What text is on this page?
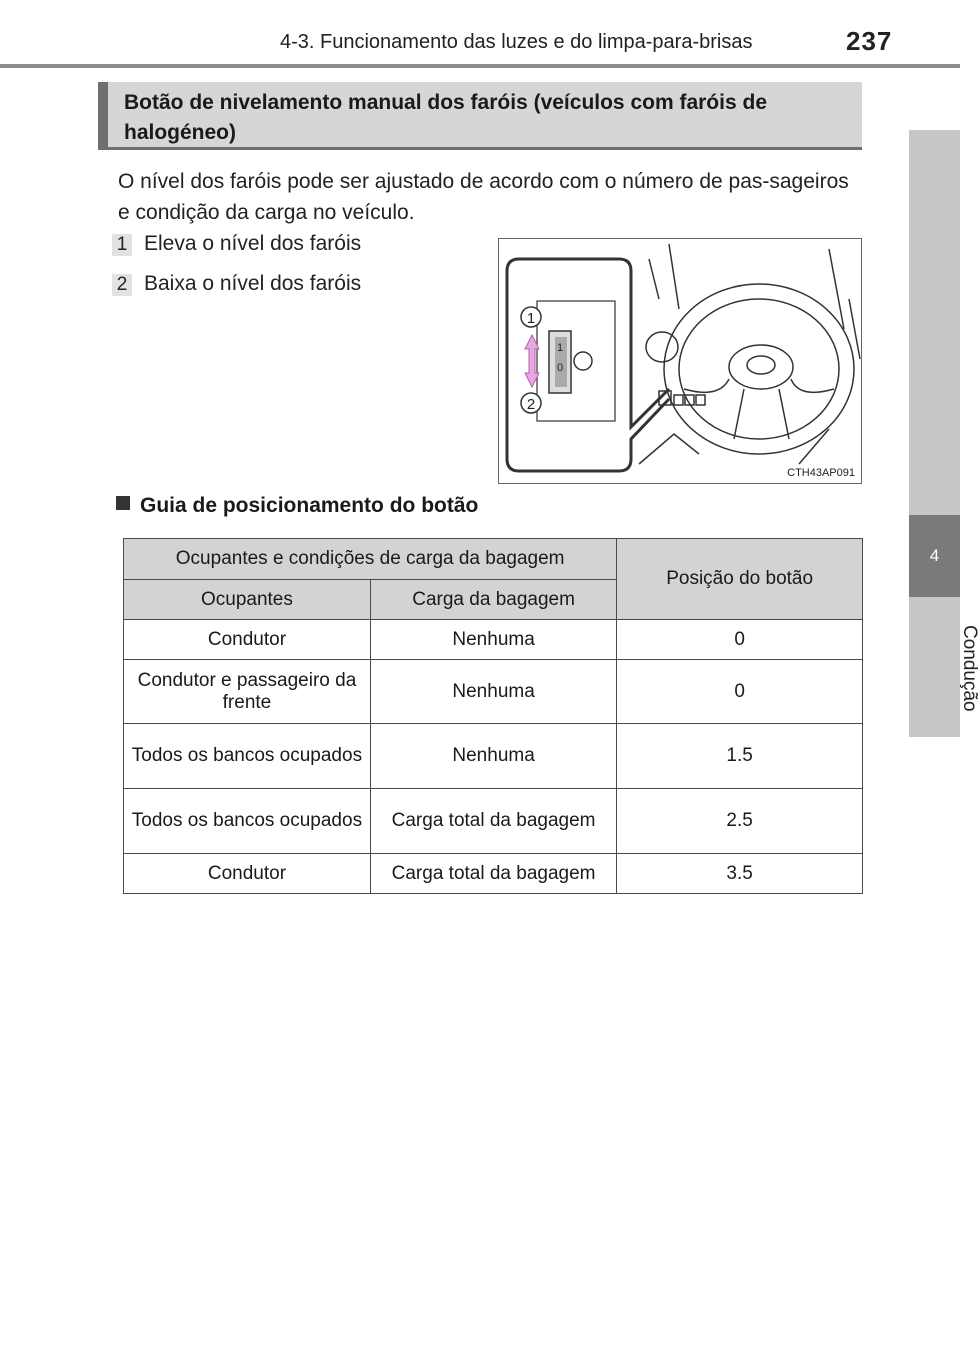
4-3. Funcionamento das luzes e do limpa-para-brisas	237
4
Condução
Botão de nivelamento manual dos faróis (veículos com faróis de halogéneo)
O nível dos faróis pode ser ajustado de acordo com o número de pas-sageiros e condição da carga no veículo.
1 Eleva o nível dos faróis
2 Baixa o nível dos faróis
1
2
1
0
CTH43AP091
Guia de posicionamento do botão
Ocupantes e condições de carga da bagagem		Posição do botão
Ocupantes	Carga da bagagem	
Condutor	Nenhuma	0
Condutor e passageiro da frente	Nenhuma	0
Todos os bancos ocupados	Nenhuma	1.5
Todos os bancos ocupados	Carga total da bagagem	2.5
Condutor	Carga total da bagagem	3.5
